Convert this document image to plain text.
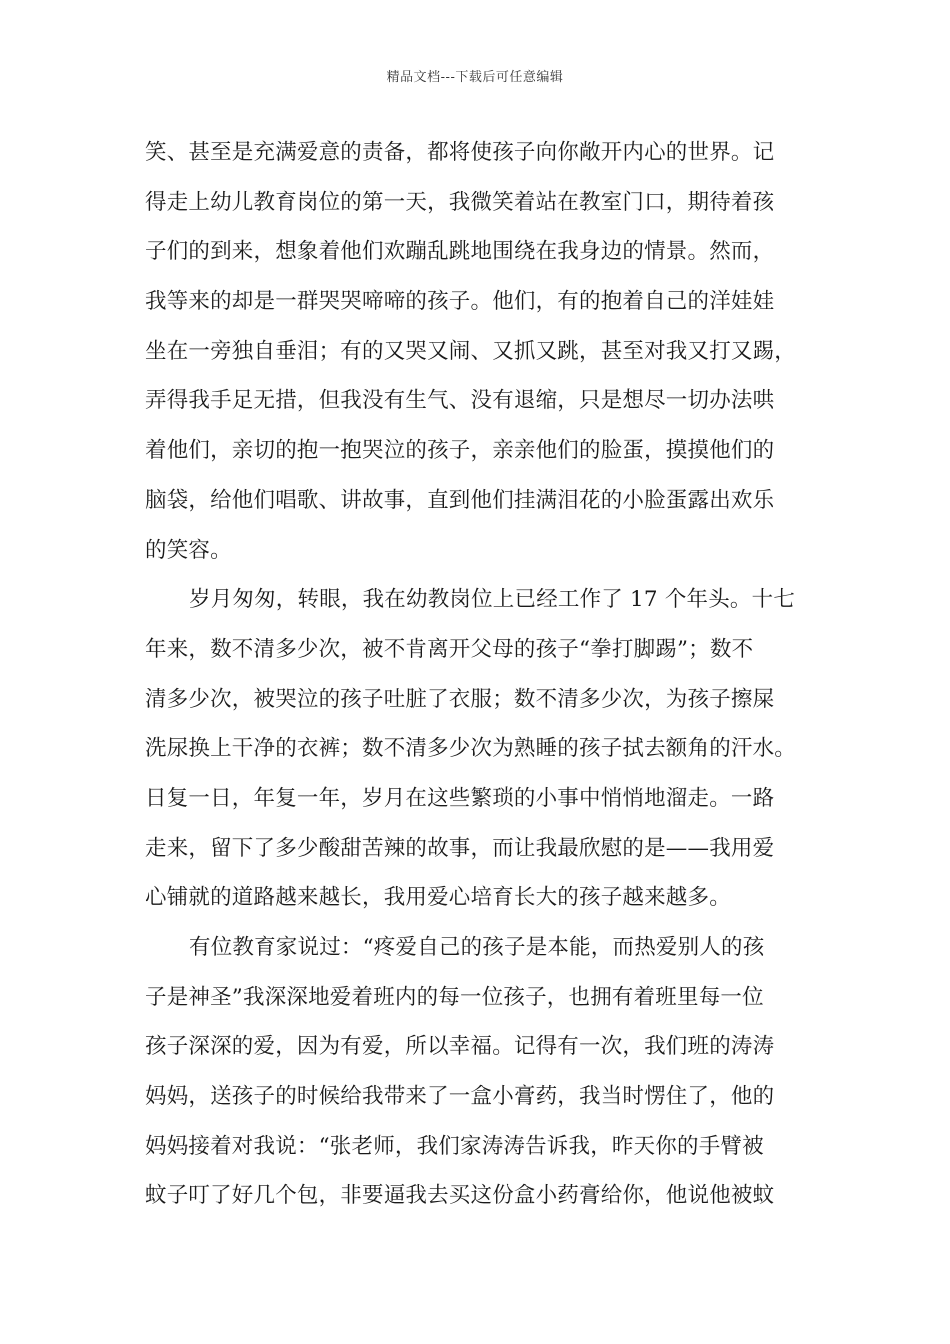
精品文档---下载后可任意编辑
笑、甚至是充满爱意的责备，都将使孩子向你敞开内心的世界。记
得走上幼儿教育岗位的第一天，我微笑着站在教室门口，期待着孩
子们的到来，想象着他们欢蹦乱跳地围绕在我身边的情景。然而，
我等来的却是一群哭哭啼啼的孩子。他们，有的抱着自己的洋娃娃
坐在一旁独自垂泪；有的又哭又闹、又抓又跳，甚至对我又打又踢，
弄得我手足无措，但我没有生气、没有退缩，只是想尽一切办法哄
着他们，亲切的抱一抱哭泣的孩子，亲亲他们的脸蛋，摸摸他们的
脑袋，给他们唱歌、讲故事，直到他们挂满泪花的小脸蛋露出欢乐
的笑容。
岁月匆匆，转眼，我在幼教岗位上已经工作了 17 个年头。十七
年来，数不清多少次，被不肯离开父母的孩子“拳打脚踢”；数不
清多少次，被哭泣的孩子吐脏了衣服；数不清多少次，为孩子擦屎
洗尿换上干净的衣裤；数不清多少次为熟睡的孩子拭去额角的汗水。
日复一日，年复一年，岁月在这些繁琐的小事中悄悄地溜走。一路
走来，留下了多少酸甜苦辣的故事，而让我最欣慰的是——我用爱
心铺就的道路越来越长，我用爱心培育长大的孩子越来越多。
有位教育家说过：“疼爱自己的孩子是本能，而热爱别人的孩
子是神圣”我深深地爱着班内的每一位孩子，也拥有着班里每一位
孩子深深的爱，因为有爱，所以幸福。记得有一次，我们班的涛涛
妈妈，送孩子的时候给我带来了一盒小膏药，我当时愣住了，他的
妈妈接着对我说：“张老师，我们家涛涛告诉我，昨天你的手臂被
蚊子叮了好几个包，非要逼我去买这份盒小药膏给你，他说他被蚊
